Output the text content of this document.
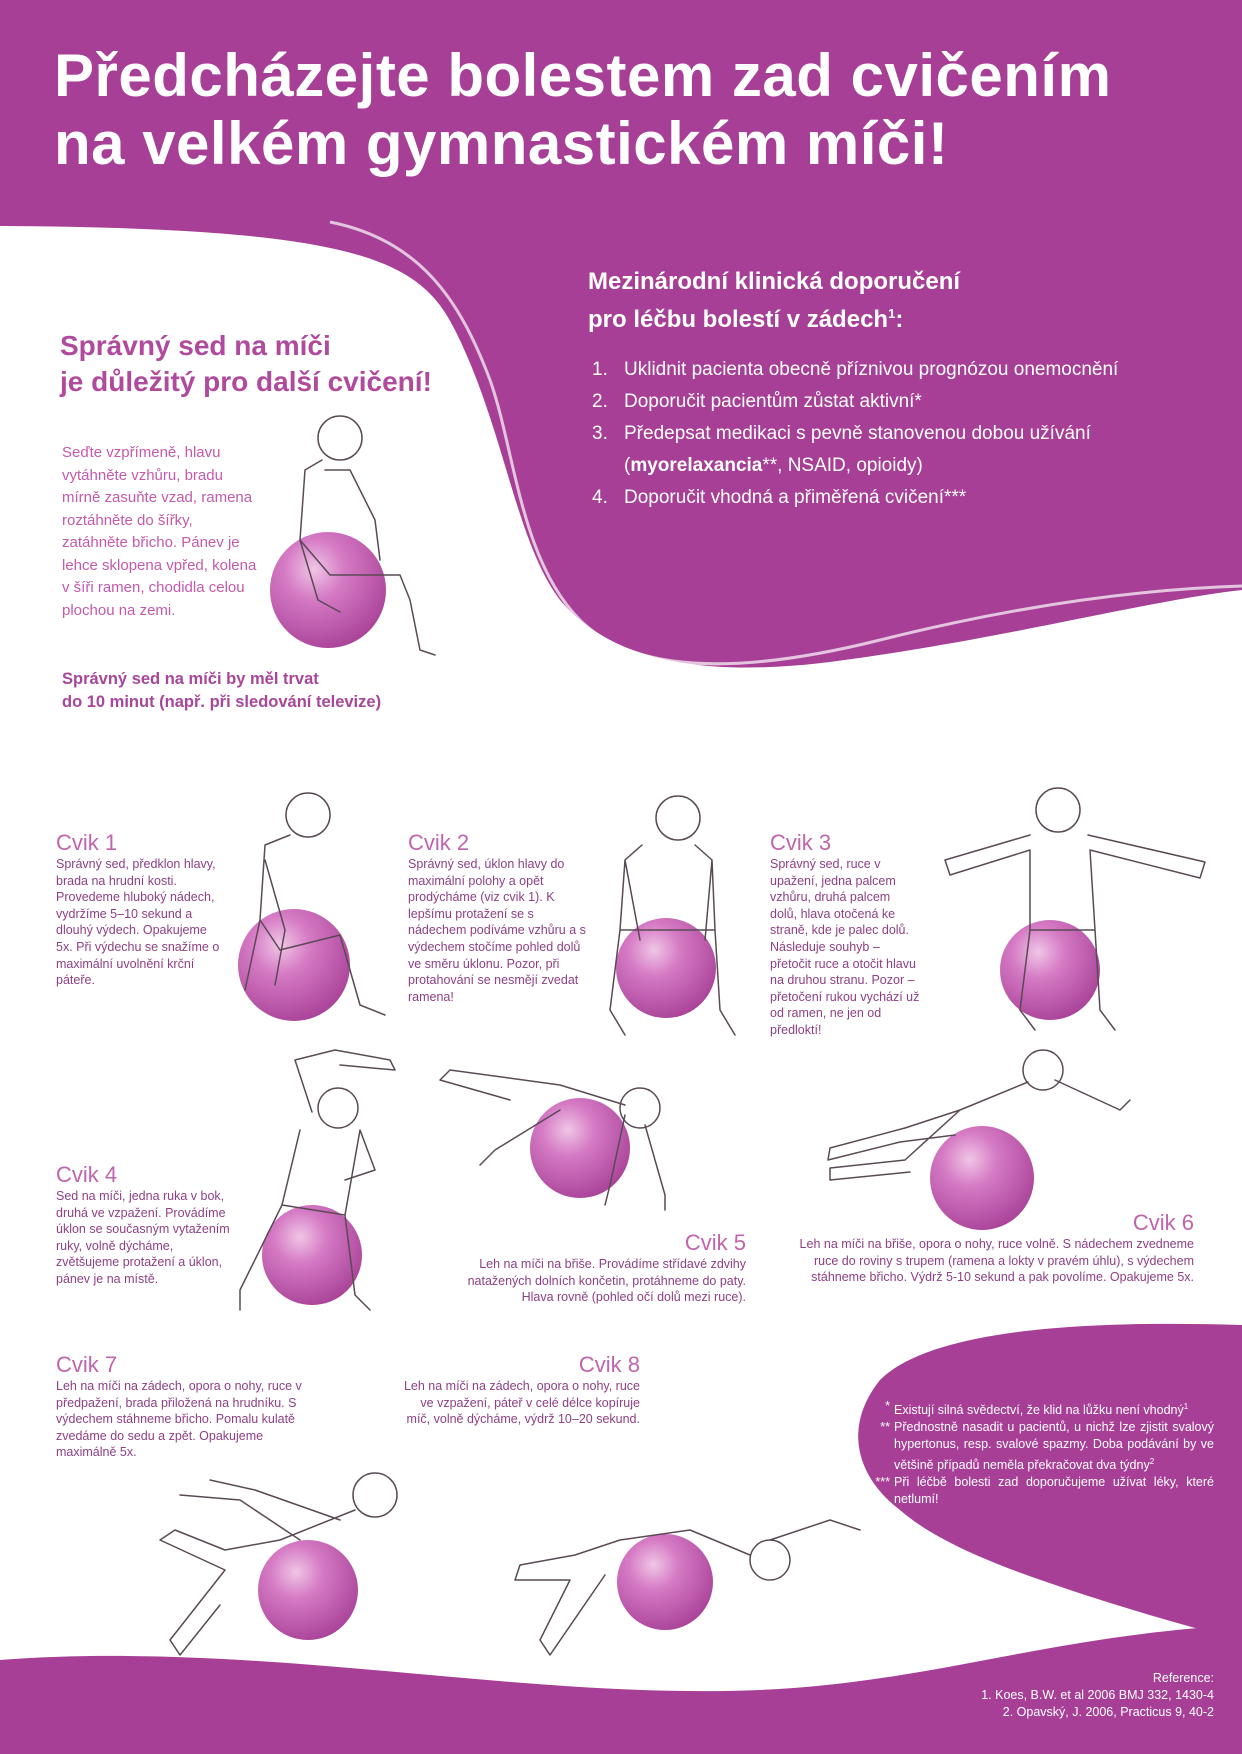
Předcházejte bolestem zad cvičením
na velkém gymnastickém míči!
Mezinárodní klinická doporučení
pro léčbu bolestí v zádech$^1$:
1. Uklidnit pacienta obecně příznivou prognózou onemocnění
2. Doporučit pacientům zůstat aktivní*
3. Předepsat medikaci s pevně stanovenou dobou užívání (myorelaxancia**, NSAID, opioidy)
4. Doporučit vhodná a přiměřená cvičení***
Správný sed na míči
je důležitý pro další cvičení!
Seďte vzpřímeně, hlavu vytáhněte vzhůru, bradu mírně zasuňte vzad, ramena roztáhněte do šířky, zatáhněte břicho. Pánev je lehce sklopena vpřed, kolena v šíři ramen, chodidla celou plochou na zemi.
Správný sed na míči by měl trvat
do 10 minut (např. při sledování televize)
Cvik 1
Správný sed, předklon hlavy, brada na hrudní kosti. Provedeme hluboký nádech, vydržíme 5–10 sekund a dlouhý výdech. Opakujeme 5x. Při výdechu se snažíme o maximální uvolnění krční páteře.
Cvik 2
Správný sed, úklon hlavy do maximální polohy a opět prodýcháme (viz cvik 1). K lepšímu protažení se s nádechem podíváme vzhůru a s výdechem stočíme pohled dolů ve směru úklonu. Pozor, při protahování se nesmějí zvedat ramena!
Cvik 3
Správný sed, ruce v upažení, jedna palcem vzhůru, druhá palcem dolů, hlava otočená ke straně, kde je palec dolů. Následuje souhyb – přetočit ruce a otočit hlavu na druhou stranu. Pozor – přetočení rukou vychází už od ramen, ne jen od předloktí!
Cvik 4
Sed na míči, jedna ruka v bok, druhá ve vzpažení. Provádíme úklon se současným vytažením ruky, volně dýcháme, zvětšujeme protažení a úklon, pánev je na místě.
Cvik 5
Leh na míči na břiše. Provádíme střídavé zdvihy natažených dolních končetin, protáhneme do paty. Hlava rovně (pohled očí dolů mezi ruce).
Cvik 6
Leh na míči na břiše, opora o nohy, ruce volně. S nádechem zvedneme ruce do roviny s trupem (ramena a lokty v pravém úhlu), s výdechem stáhneme břicho. Výdrž 5-10 sekund a pak povolíme. Opakujeme 5x.
Cvik 7
Leh na míči na zádech, opora o nohy, ruce v předpažení, brada přiložená na hrudníku. S výdechem stáhneme břicho. Pomalu kulatě zvedáme do sedu a zpět. Opakujeme maximálně 5x.
Cvik 8
Leh na míči na zádech, opora o nohy, ruce ve vzpažení, páteř v celé délce kopíruje míč, volně dýcháme, výdrž 10–20 sekund.
* Existují silná svědectví, že klid na lůžku není vhodný$^1$
** Přednostně nasadit u pacientů, u nichž lze zjistit svalový hypertonus, resp. svalové spazmy. Doba podávání by ve většině případů neměla překračovat dva týdny$^2$
*** Při léčbě bolesti zad doporučujeme užívat léky, které netlumí!
Reference:
1. Koes, B.W. et al 2006 BMJ 332, 1430-4
2. Opavský, J. 2006, Practicus 9, 40-2
